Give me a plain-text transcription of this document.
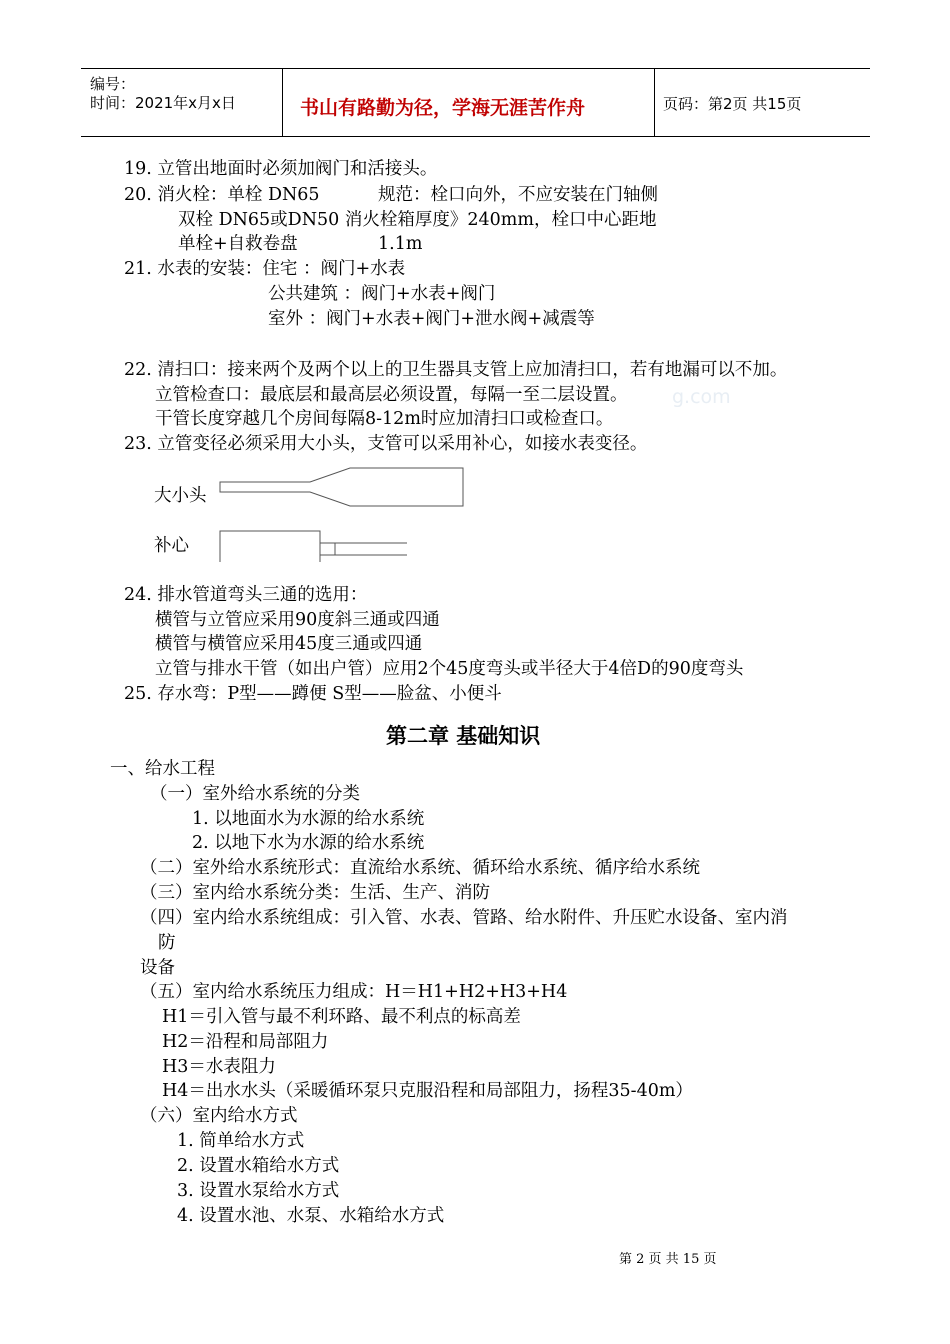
编号：
时间：2021年x月x日	书山有路勤为径，学海无涯苦作舟	页码：第2页 共15页
g.com
19. 立管出地面时必须加阀门和活接头。
20. 消火栓：单栓 DN65	规范：栓口向外，不应安装在门轴侧
双栓 DN65或DN50 消火栓箱厚度》240mm，栓口中心距地
单栓+自救卷盘	1.1m
21. 水表的安装：住宅 ：阀门+水表
公共建筑 ：阀门+水表+阀门
室外 ：阀门+水表+阀门+泄水阀+减震等
22. 清扫口：接来两个及两个以上的卫生器具支管上应加清扫口，若有地漏可以不加。
立管检查口：最底层和最高层必须设置，每隔一至二层设置。
干管长度穿越几个房间每隔8-12m时应加清扫口或检查口。
23. 立管变径必须采用大小头，支管可以采用补心，如接水表变径。
大小头
补心
24. 排水管道弯头三通的选用：
横管与立管应采用90度斜三通或四通
横管与横管应采用45度三通或四通
立管与排水干管（如出户管）应用2个45度弯头或半径大于4倍D的90度弯头
25. 存水弯：P型——蹲便 S型——脸盆、小便斗
第二章 基础知识
一、给水工程
（一）室外给水系统的分类
1. 以地面水为水源的给水系统
2. 以地下水为水源的给水系统
（二）室外给水系统形式：直流给水系统、循环给水系统、循序给水系统
（三）室内给水系统分类：生活、生产、消防
（四）室内给水系统组成：引入管、水表、管路、给水附件、升压贮水设备、室内消
防
设备
（五）室内给水系统压力组成：H＝H1+H2+H3+H4
H1＝引入管与最不利环路、最不利点的标高差
H2＝沿程和局部阻力
H3＝水表阻力
H4＝出水水头（采暖循环泵只克服沿程和局部阻力，扬程35-40m）
（六）室内给水方式
1. 简单给水方式
2. 设置水箱给水方式
3. 设置水泵给水方式
4. 设置水池、水泵、水箱给水方式
第 2 页 共 15 页
